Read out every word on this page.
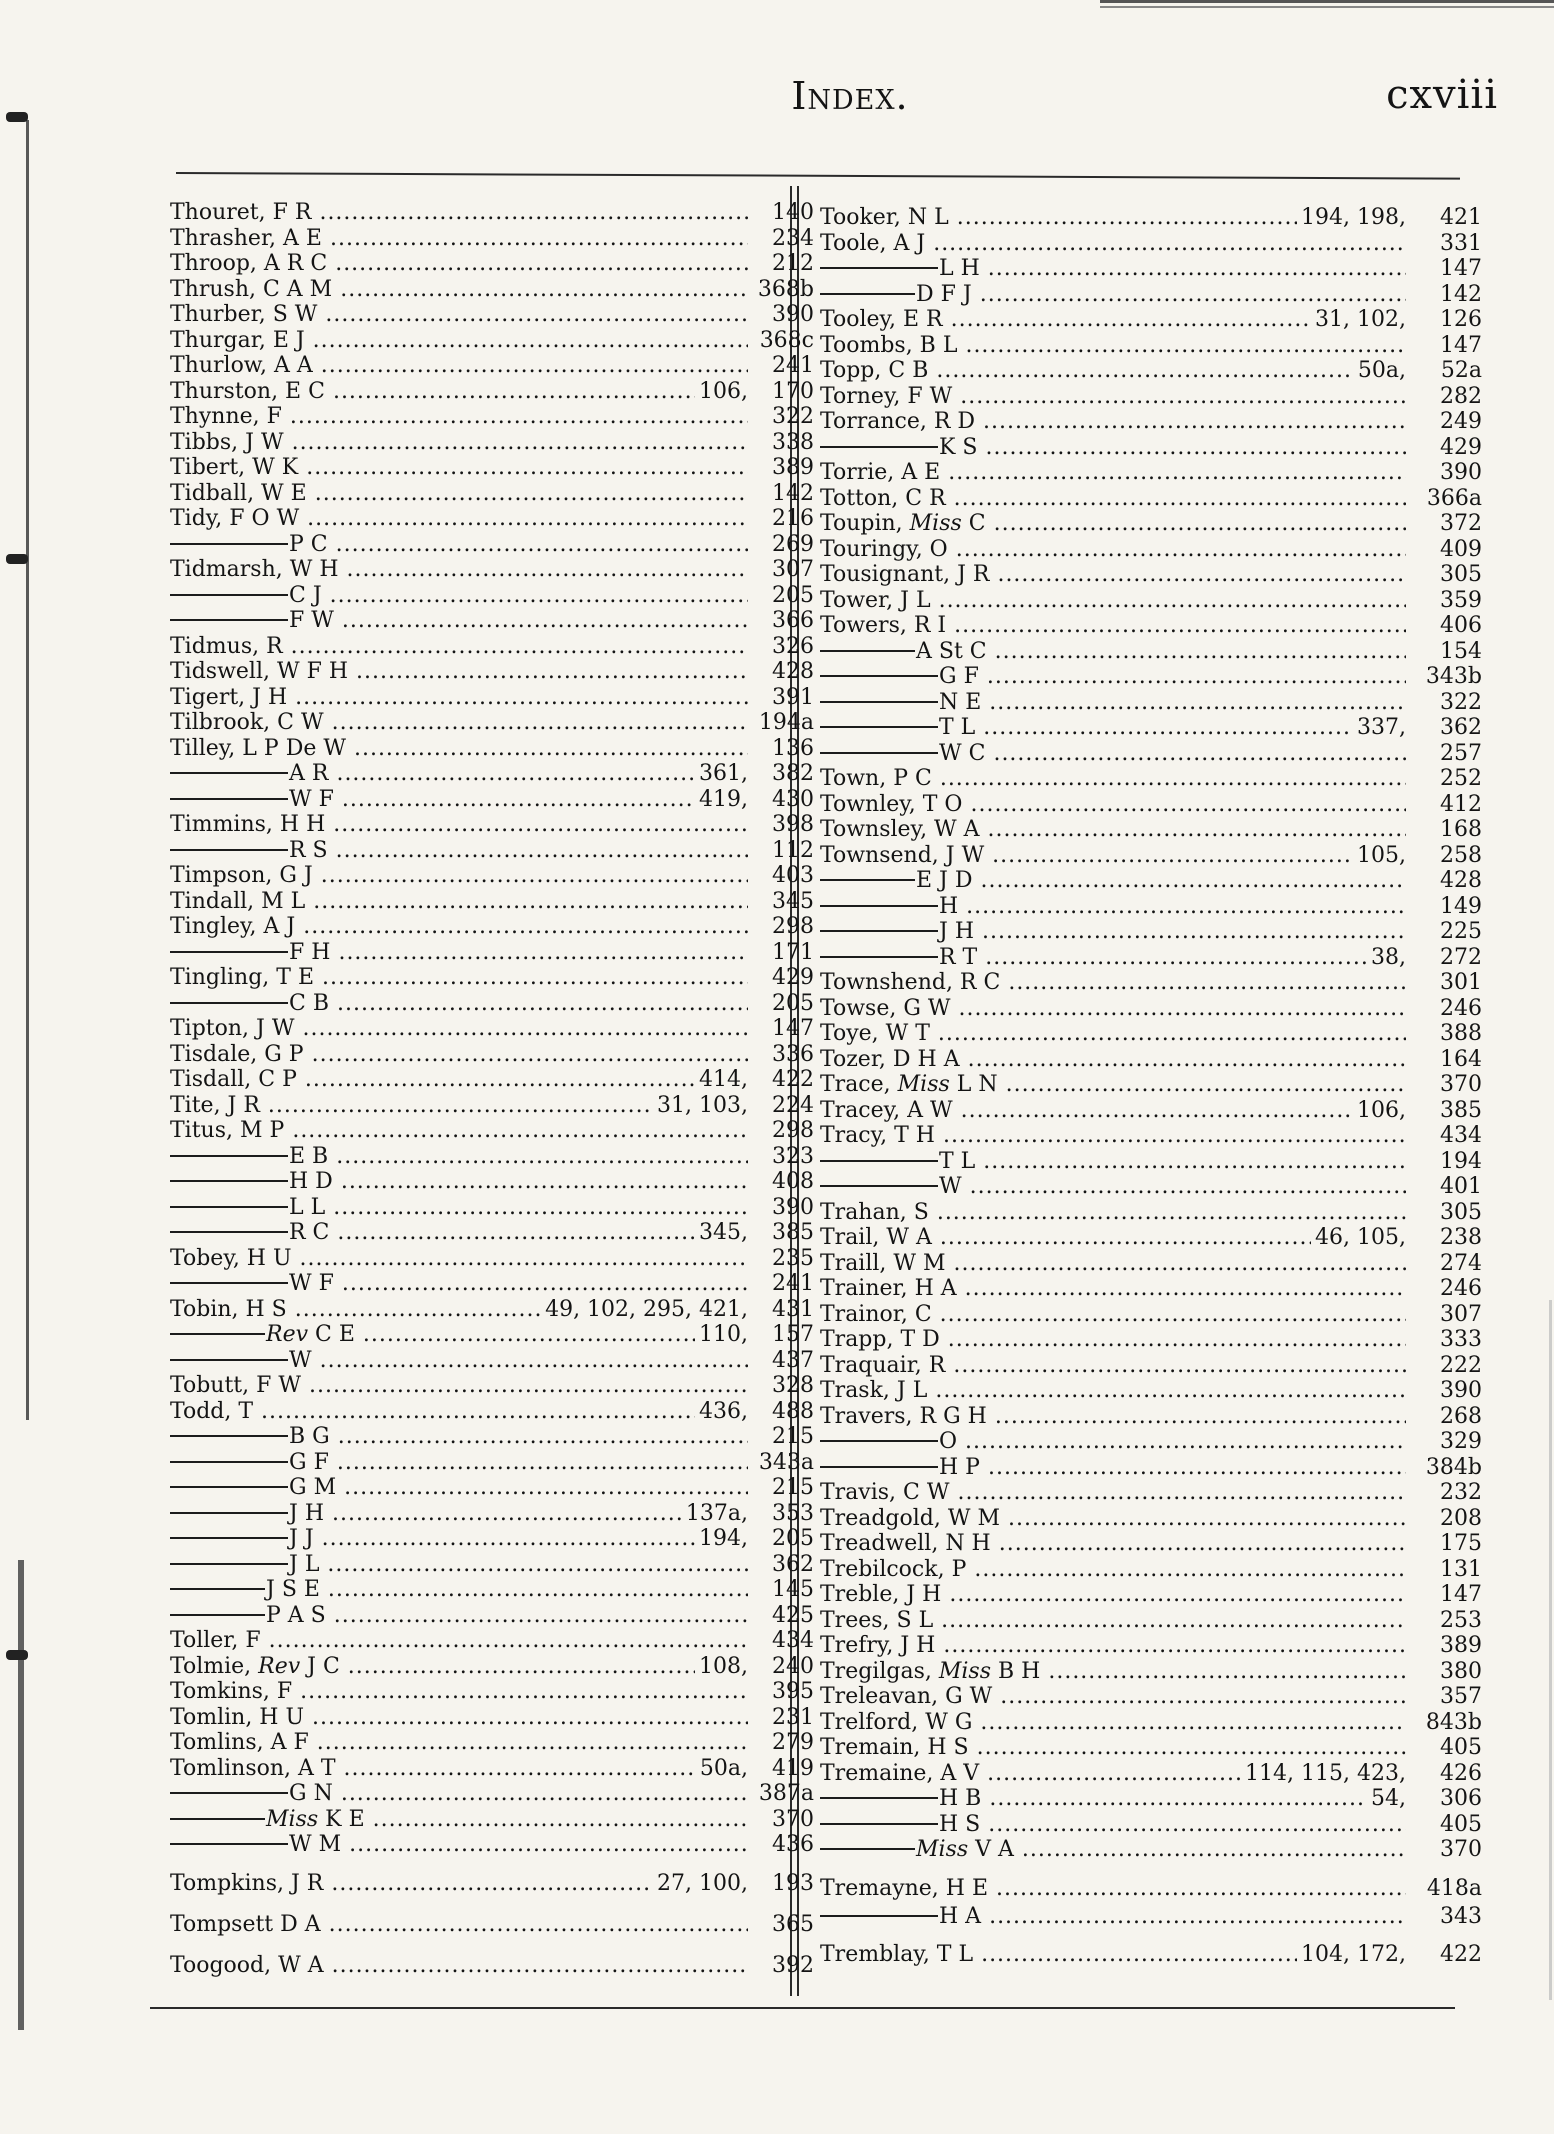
Index.	cxviii
Thouret, F R .....	140
Thrasher, A E .....	234
Throop, A R C .....	212
Thrush, C A M .....	368b
Thurber, S W .....	390
Thurgar, E J .....	368c
Thurlow, A A .....	241
Thurston, E C .....	106,	170
Thynne, F .....	322
Tibbs, J W .....	338
Tibert, W K .....	389
Tidball, W E .....	142
Tidy, F O W .....	216
P C .....	269
Tidmarsh, W H .....	307
C J .....	205
F W .....	366
Tidmus, R .....	326
Tidswell, W F H .....	428
Tigert, J H .....	391
Tilbrook, C W .....	194a
Tilley, L P De W .....	136
A R .....	361,	382
W F .....	419,	430
Timmins, H H .....	398
R S .....	112
Timpson, G J .....	403
Tindall, M L .....	345
Tingley, A J .....	298
F H .....	171
Tingling, T E .....	429
C B .....	205
Tipton, J W .....	147
Tisdale, G P .....	336
Tisdall, C P .....	414,	422
Tite, J R .....	31, 103,	224
Titus, M P .....	298
E B .....	323
H D .....	408
L L .....	390
R C .....	345,	385
Tobey, H U .....	235
W F .....	241
Tobin, H S .....	49, 102, 295, 421,	431
Rev C E .....	110,	157
W .....	437
Tobutt, F W .....	328
Todd, T .....	436,	488
B G .....	215
G F .....	343a
G M .....	215
J H .....	137a,	353
J J .....	194,	205
J L .....	362
J S E .....	145
P A S .....	425
Toller, F .....	434
Tolmie, Rev J C .....	108,	240
Tomkins, F .....	395
Tomlin, H U .....	231
Tomlins, A F .....	279
Tomlinson, A T .....	50a,	419
G N .....	387a
Miss K E .....	370
W M .....	436
Tompkins, J R .....	27, 100,	193
Tompsett D A .....	365
Toogood, W A .....	392
Tooker, N L .....	194, 198,	421
Toole, A J .....	331
L H .....	147
D F J .....	142
Tooley, E R .....	31, 102,	126
Toombs, B L .....	147
Topp, C B .....	50a,	52a
Torney, F W .....	282
Torrance, R D .....	249
K S .....	429
Torrie, A E .....	390
Totton, C R .....	366a
Toupin, Miss C .....	372
Touringy, O .....	409
Tousignant, J R .....	305
Tower, J L .....	359
Towers, R I .....	406
A St C .....	154
G F .....	343b
N E .....	322
T L .....	337,	362
W C .....	257
Town, P C .....	252
Townley, T O .....	412
Townsley, W A .....	168
Townsend, J W .....	105,	258
E J D .....	428
H .....	149
J H .....	225
R T .....	38,	272
Townshend, R C .....	301
Towse, G W .....	246
Toye, W T .....	388
Tozer, D H A .....	164
Trace, Miss L N .....	370
Tracey, A W .....	106,	385
Tracy, T H .....	434
T L .....	194
W .....	401
Trahan, S .....	305
Trail, W A .....	46, 105,	238
Traill, W M .....	274
Trainer, H A .....	246
Trainor, C .....	307
Trapp, T D .....	333
Traquair, R .....	222
Trask, J L .....	390
Travers, R G H .....	268
O .....	329
H P .....	384b
Travis, C W .....	232
Treadgold, W M .....	208
Treadwell, N H .....	175
Trebilcock, P .....	131
Treble, J H .....	147
Trees, S L .....	253
Trefry, J H .....	389
Tregilgas, Miss B H .....	380
Treleavan, G W .....	357
Trelford, W G .....	843b
Tremain, H S .....	405
Tremaine, A V .....	114, 115, 423,	426
H B .....	54,	306
H S .....	405
Miss V A .....	370
Tremayne, H E .....	418a
H A .....	343
Tremblay, T L .....	104, 172,	422
